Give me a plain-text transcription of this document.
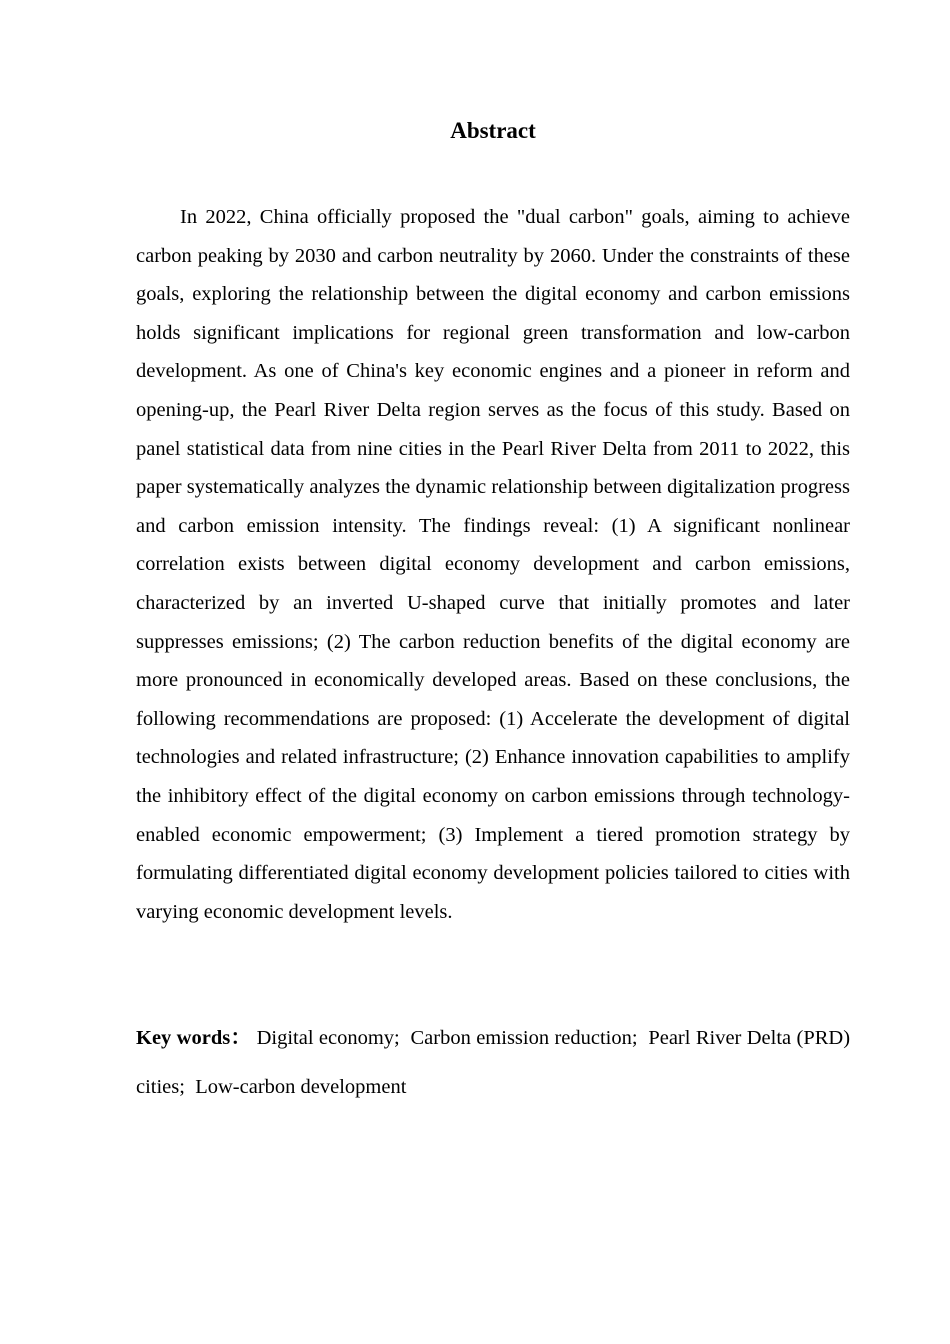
Abstract

In 2022, China officially proposed the "dual carbon" goals, aiming to achieve carbon peaking by 2030 and carbon neutrality by 2060. Under the constraints of these goals, exploring the relationship between the digital economy and carbon emissions holds significant implications for regional green transformation and low-carbon development. As one of China's key economic engines and a pioneer in reform and opening-up, the Pearl River Delta region serves as the focus of this study. Based on panel statistical data from nine cities in the Pearl River Delta from 2011 to 2022, this paper systematically analyzes the dynamic relationship between digitalization progress and carbon emission intensity. The findings reveal: (1) A significant nonlinear correlation exists between digital economy development and carbon emissions, characterized by an inverted U-shaped curve that initially promotes and later suppresses emissions; (2) The carbon reduction benefits of the digital economy are more pronounced in economically developed areas. Based on these conclusions, the following recommendations are proposed: (1) Accelerate the development of digital technologies and related infrastructure; (2) Enhance innovation capabilities to amplify the inhibitory effect of the digital economy on carbon emissions through technology-enabled economic empowerment; (3) Implement a tiered promotion strategy by formulating differentiated digital economy development policies tailored to cities with varying economic development levels.

Key words： Digital economy; Carbon emission reduction; Pearl River Delta (PRD) cities; Low-carbon development
